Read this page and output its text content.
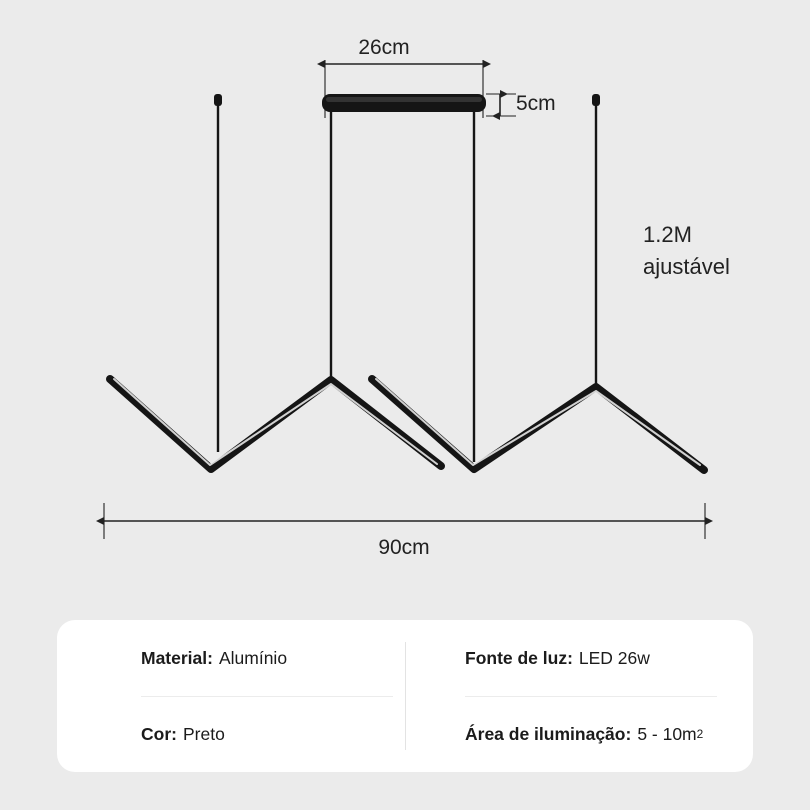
26cm
5cm
90cm
1.2M
ajustável
Material: Alumínio	Fonte de luz: LED 26w
Cor: Preto	Área de iluminação: 5 - 10m 2
